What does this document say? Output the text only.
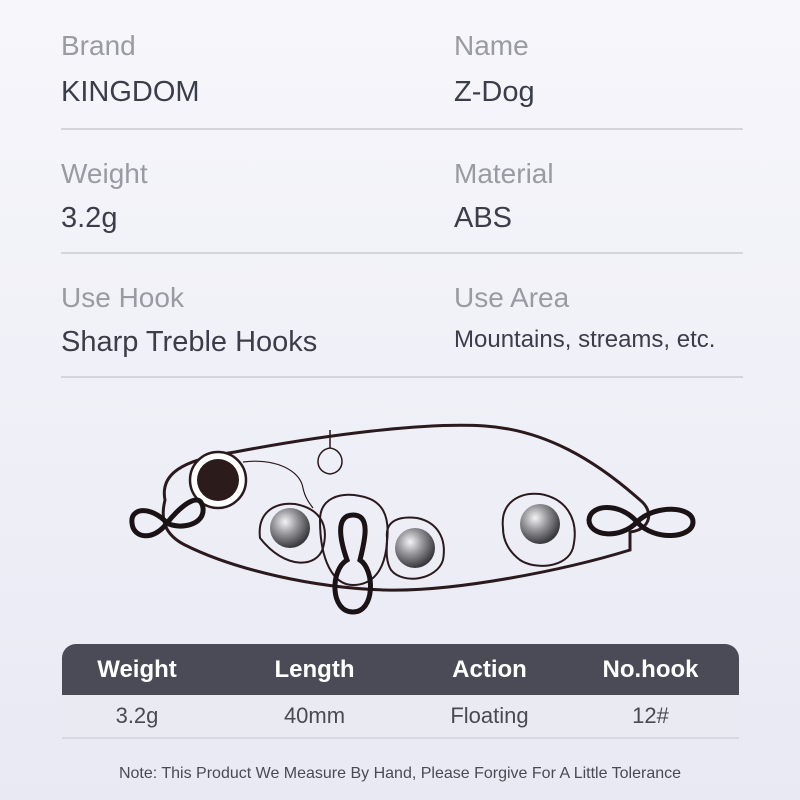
Brand
KINGDOM
Name
Z-Dog
Weight
3.2g
Material
ABS
Use Hook
Sharp Treble Hooks
Use Area
Mountains, streams, etc.
Weight	Length	Action	No.hook
3.2g	40mm	Floating	12#
Note: This Product We Measure By Hand, Please Forgive For A Little Tolerance
